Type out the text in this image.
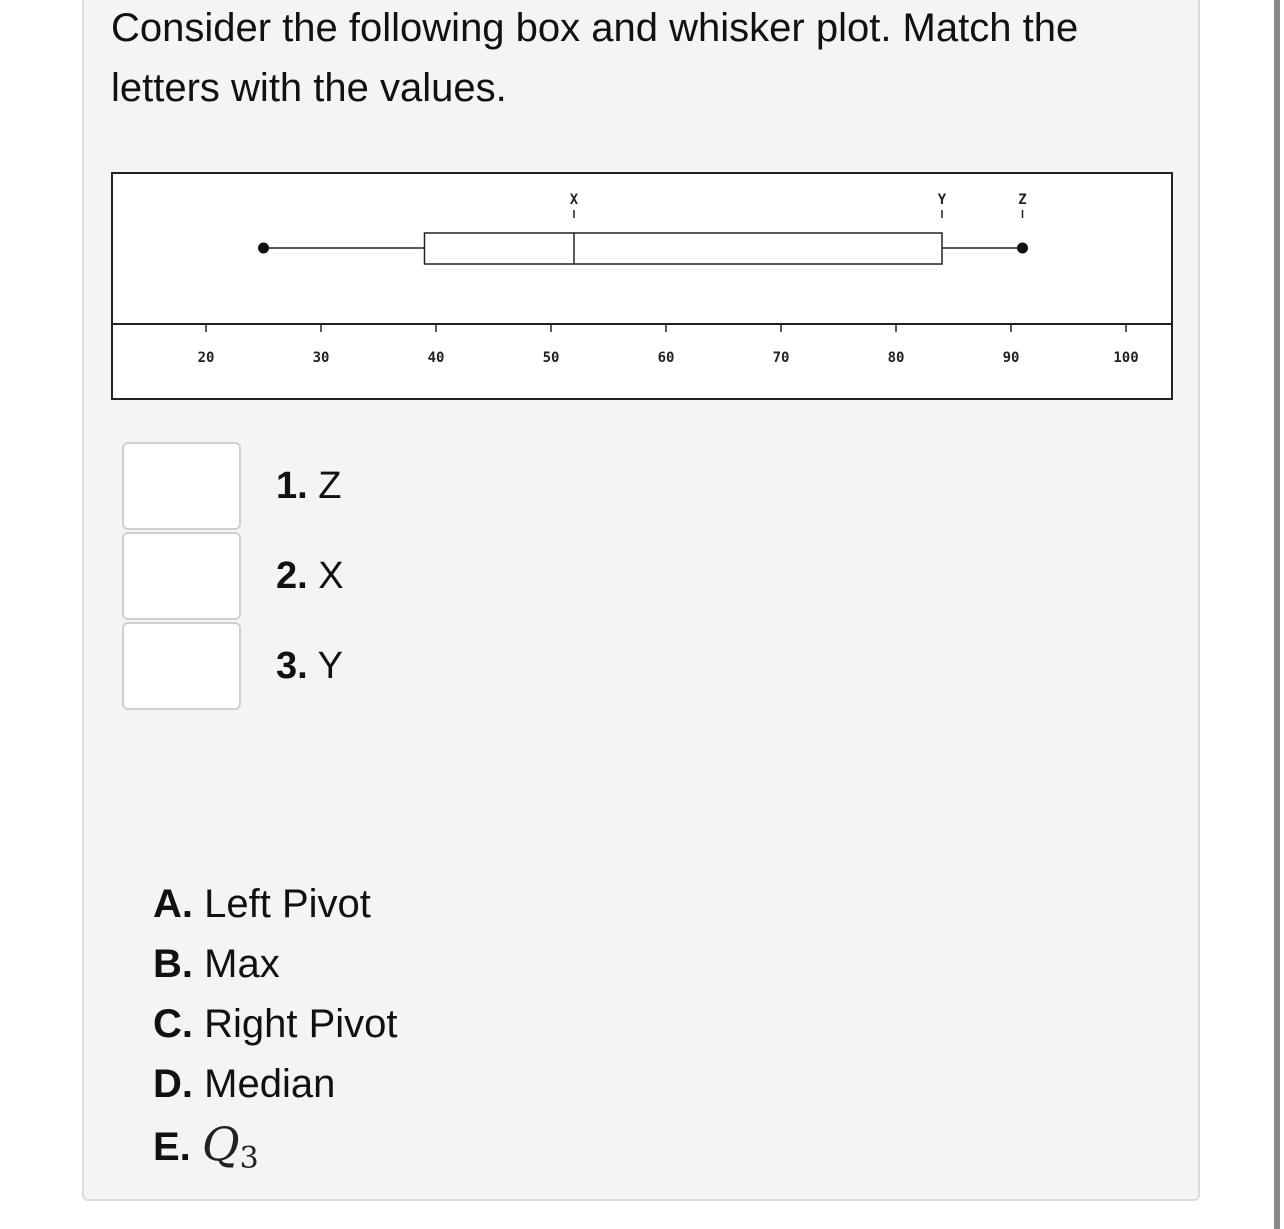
Consider the following box and whisker plot. Match the letters with the values.

20	30	40	50	60	70	80	90	100
X	Y	Z
1. Z
2. X
3. Y
A. Left Pivot
B. Max
C. Right Pivot
D. Median
E. $Q_3$
